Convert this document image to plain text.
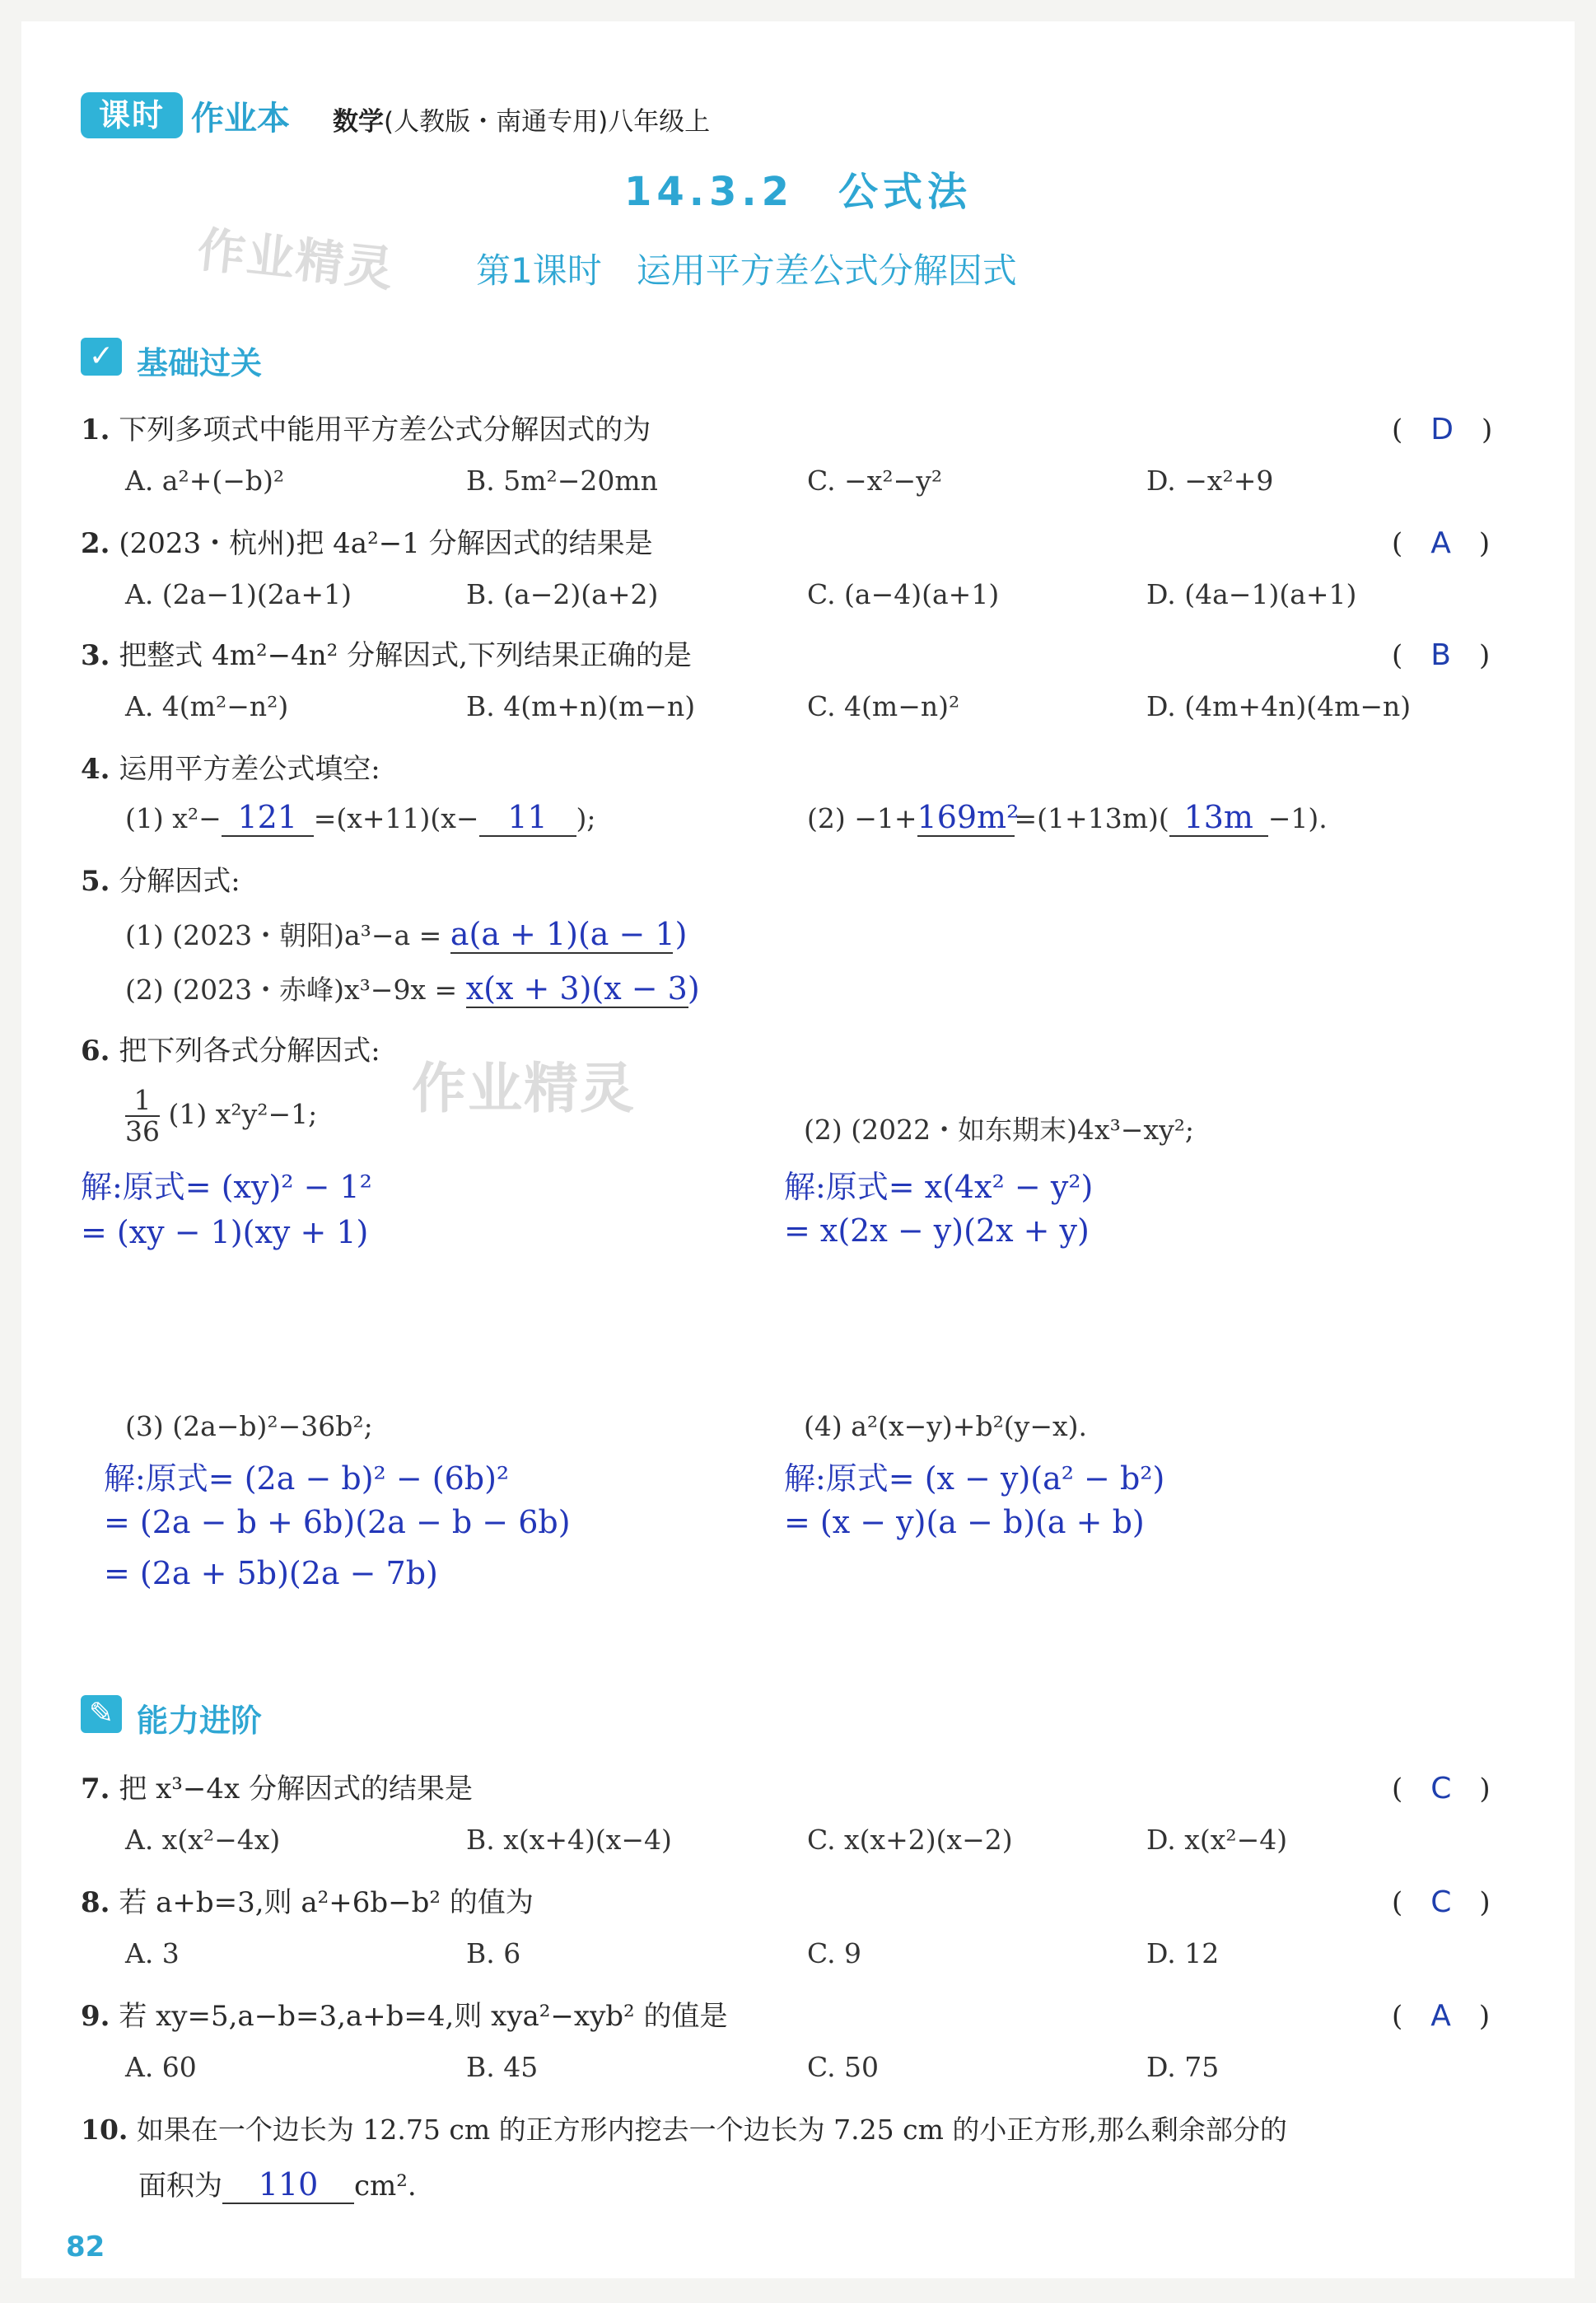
课时 作业本 数学(人教版・南通专用)八年级上
14.3.2　公式法
作业精灵 第1课时　运用平方差公式分解因式
✓ 基础过关
1. 下列多项式中能用平方差公式分解因式的为	(　D　)
A. a²+(−b)²	B. 5m²−20mn	C. −x²−y²	D. −x²+9
2. (2023・杭州)把 4a²−1 分解因式的结果是	(　A　)
A. (2a−1)(2a+1)	B. (a−2)(a+2)	C. (a−4)(a+1)	D. (4a−1)(a+1)
3. 把整式 4m²−4n² 分解因式,下列结果正确的是	(　B　)
A. 4(m²−n²)	B. 4(m+n)(m−n)	C. 4(m−n)²	D. (4m+4n)(4m−n)
4. 运用平方差公式填空:
(1) x²− 121 =(x+11)(x− 11 );	(2) −1+169m²=(1+13m)( 13m −1).
5. 分解因式:
(1) (2023・朝阳)a³−a = a(a + 1)(a − 1)
(2) (2023・赤峰)x³−9x = x(x + 3)(x − 3)
6. 把下列各式分解因式:
作业精灵
$\frac{1}{36} (1)$ x²y²−1;
解:原式= (xy)² − 1²
= (xy − 1)(xy + 1)
(2) (2022・如东期末)4x³−xy²;
解:原式= x(4x² − y²)
= x(2x − y)(2x + y)
(3) (2a−b)²−36b²;
解:原式= (2a − b)² − (6b)²
= (2a − b + 6b)(2a − b − 6b)
= (2a + 5b)(2a − 7b)
(4) a²(x−y)+b²(y−x).
解:原式= (x − y)(a² − b²)
= (x − y)(a − b)(a + b)
✎ 能力进阶
7. 把 x³−4x 分解因式的结果是	(　C　)
A. x(x²−4x)	B. x(x+4)(x−4)	C. x(x+2)(x−2)	D. x(x²−4)
8. 若 a+b=3,则 a²+6b−b² 的值为	(　C　)
A. 3	B. 6	C. 9	D. 12
9. 若 xy=5,a−b=3,a+b=4,则 xya²−xyb² 的值是	(　A　)
A. 60	B. 45	C. 50	D. 75
10. 如果在一个边长为 12.75 cm 的正方形内挖去一个边长为 7.25 cm 的小正方形,那么剩余部分的
面积为 110 cm².
82
